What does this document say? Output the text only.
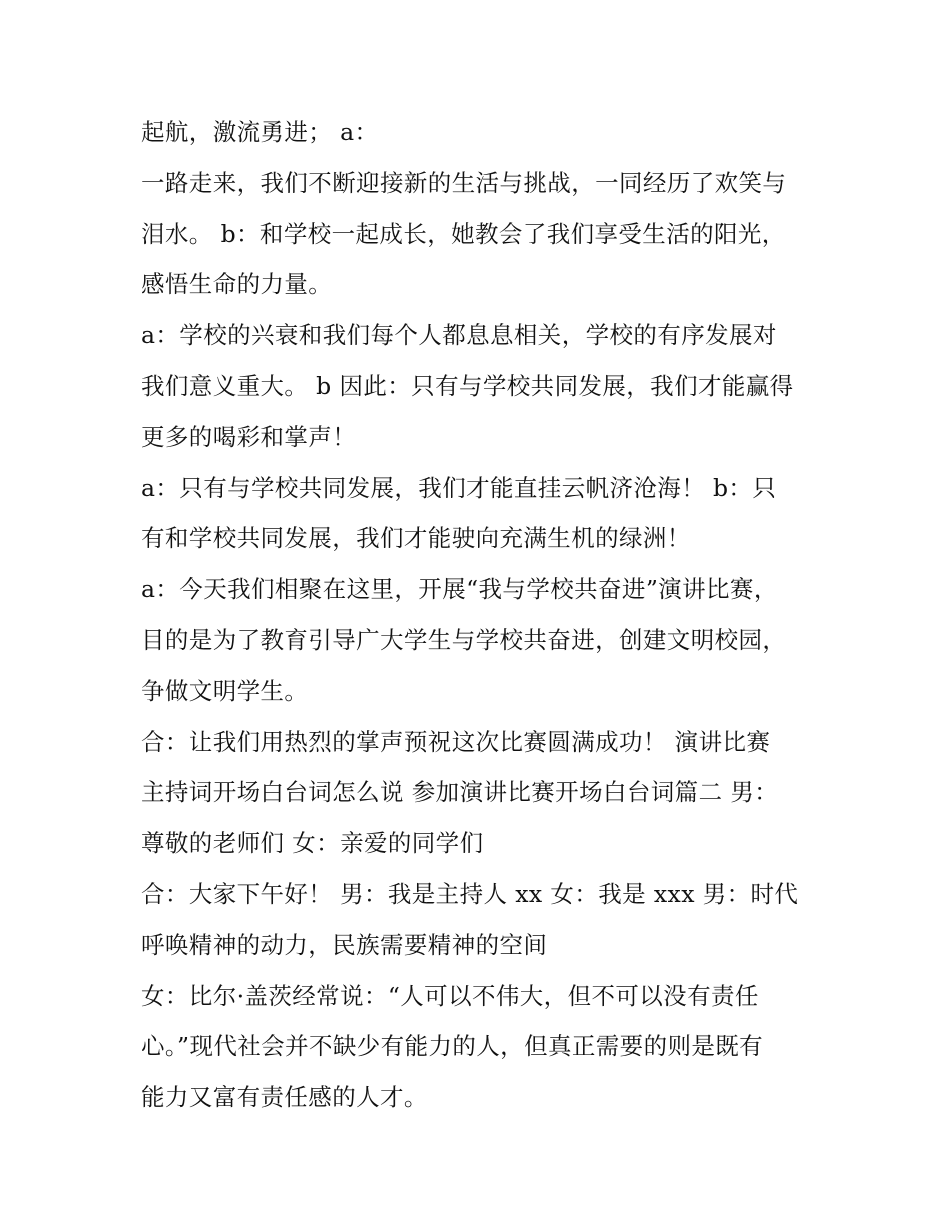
起航，激流勇进； a：
一路走来，我们不断迎接新的生活与挑战，一同经历了欢笑与
泪水。 b：和学校一起成长，她教会了我们享受生活的阳光，
感悟生命的力量。
a：学校的兴衰和我们每个人都息息相关，学校的有序发展对
我们意义重大。 b 因此：只有与学校共同发展，我们才能赢得
更多的喝彩和掌声！
a：只有与学校共同发展，我们才能直挂云帆济沧海！ b：只
有和学校共同发展，我们才能驶向充满生机的绿洲！
a：今天我们相聚在这里，开展“我与学校共奋进”演讲比赛，
目的是为了教育引导广大学生与学校共奋进，创建文明校园，
争做文明学生。
合：让我们用热烈的掌声预祝这次比赛圆满成功！ 演讲比赛
主持词开场白台词怎么说 参加演讲比赛开场白台词篇二 男：
尊敬的老师们 女：亲爱的同学们
合：大家下午好！ 男：我是主持人 xx 女：我是 xxx 男：时代
呼唤精神的动力，民族需要精神的空间
女：比尔·盖茨经常说：“人可以不伟大，但不可以没有责任
心。”现代社会并不缺少有能力的人，但真正需要的则是既有
能力又富有责任感的人才。
